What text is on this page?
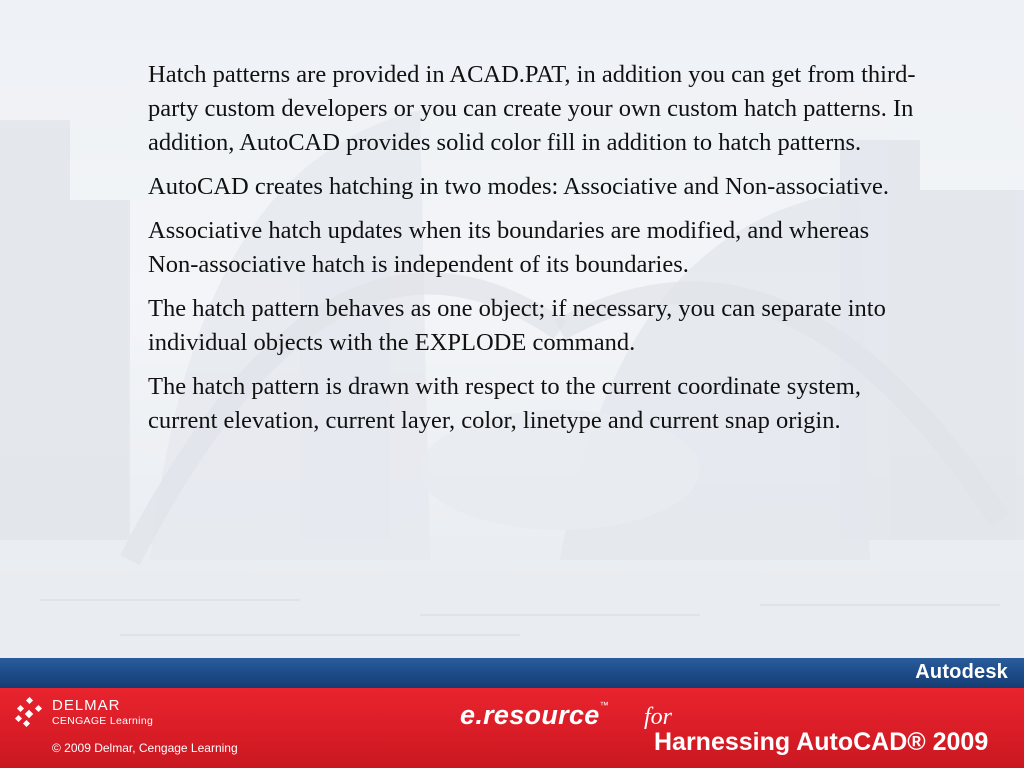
Hatch patterns are provided in ACAD.PAT, in addition you can get from third-party custom developers or you can create your own custom hatch patterns. In addition, AutoCAD provides solid color fill in addition to hatch patterns.

AutoCAD creates hatching in two modes: Associative and Non-associative.

Associative hatch updates when its boundaries are modified, and whereas Non-associative hatch is independent of its boundaries.

The hatch pattern behaves as one object; if necessary, you can separate into individual objects with the EXPLODE command.

The hatch pattern is drawn with respect to the current coordinate system, current elevation, current layer, color, linetype and current snap origin.

Autodesk
DELMAR
CENGAGE Learning
© 2009 Delmar, Cengage Learning
e.resource™ for
Harnessing AutoCAD® 2009
